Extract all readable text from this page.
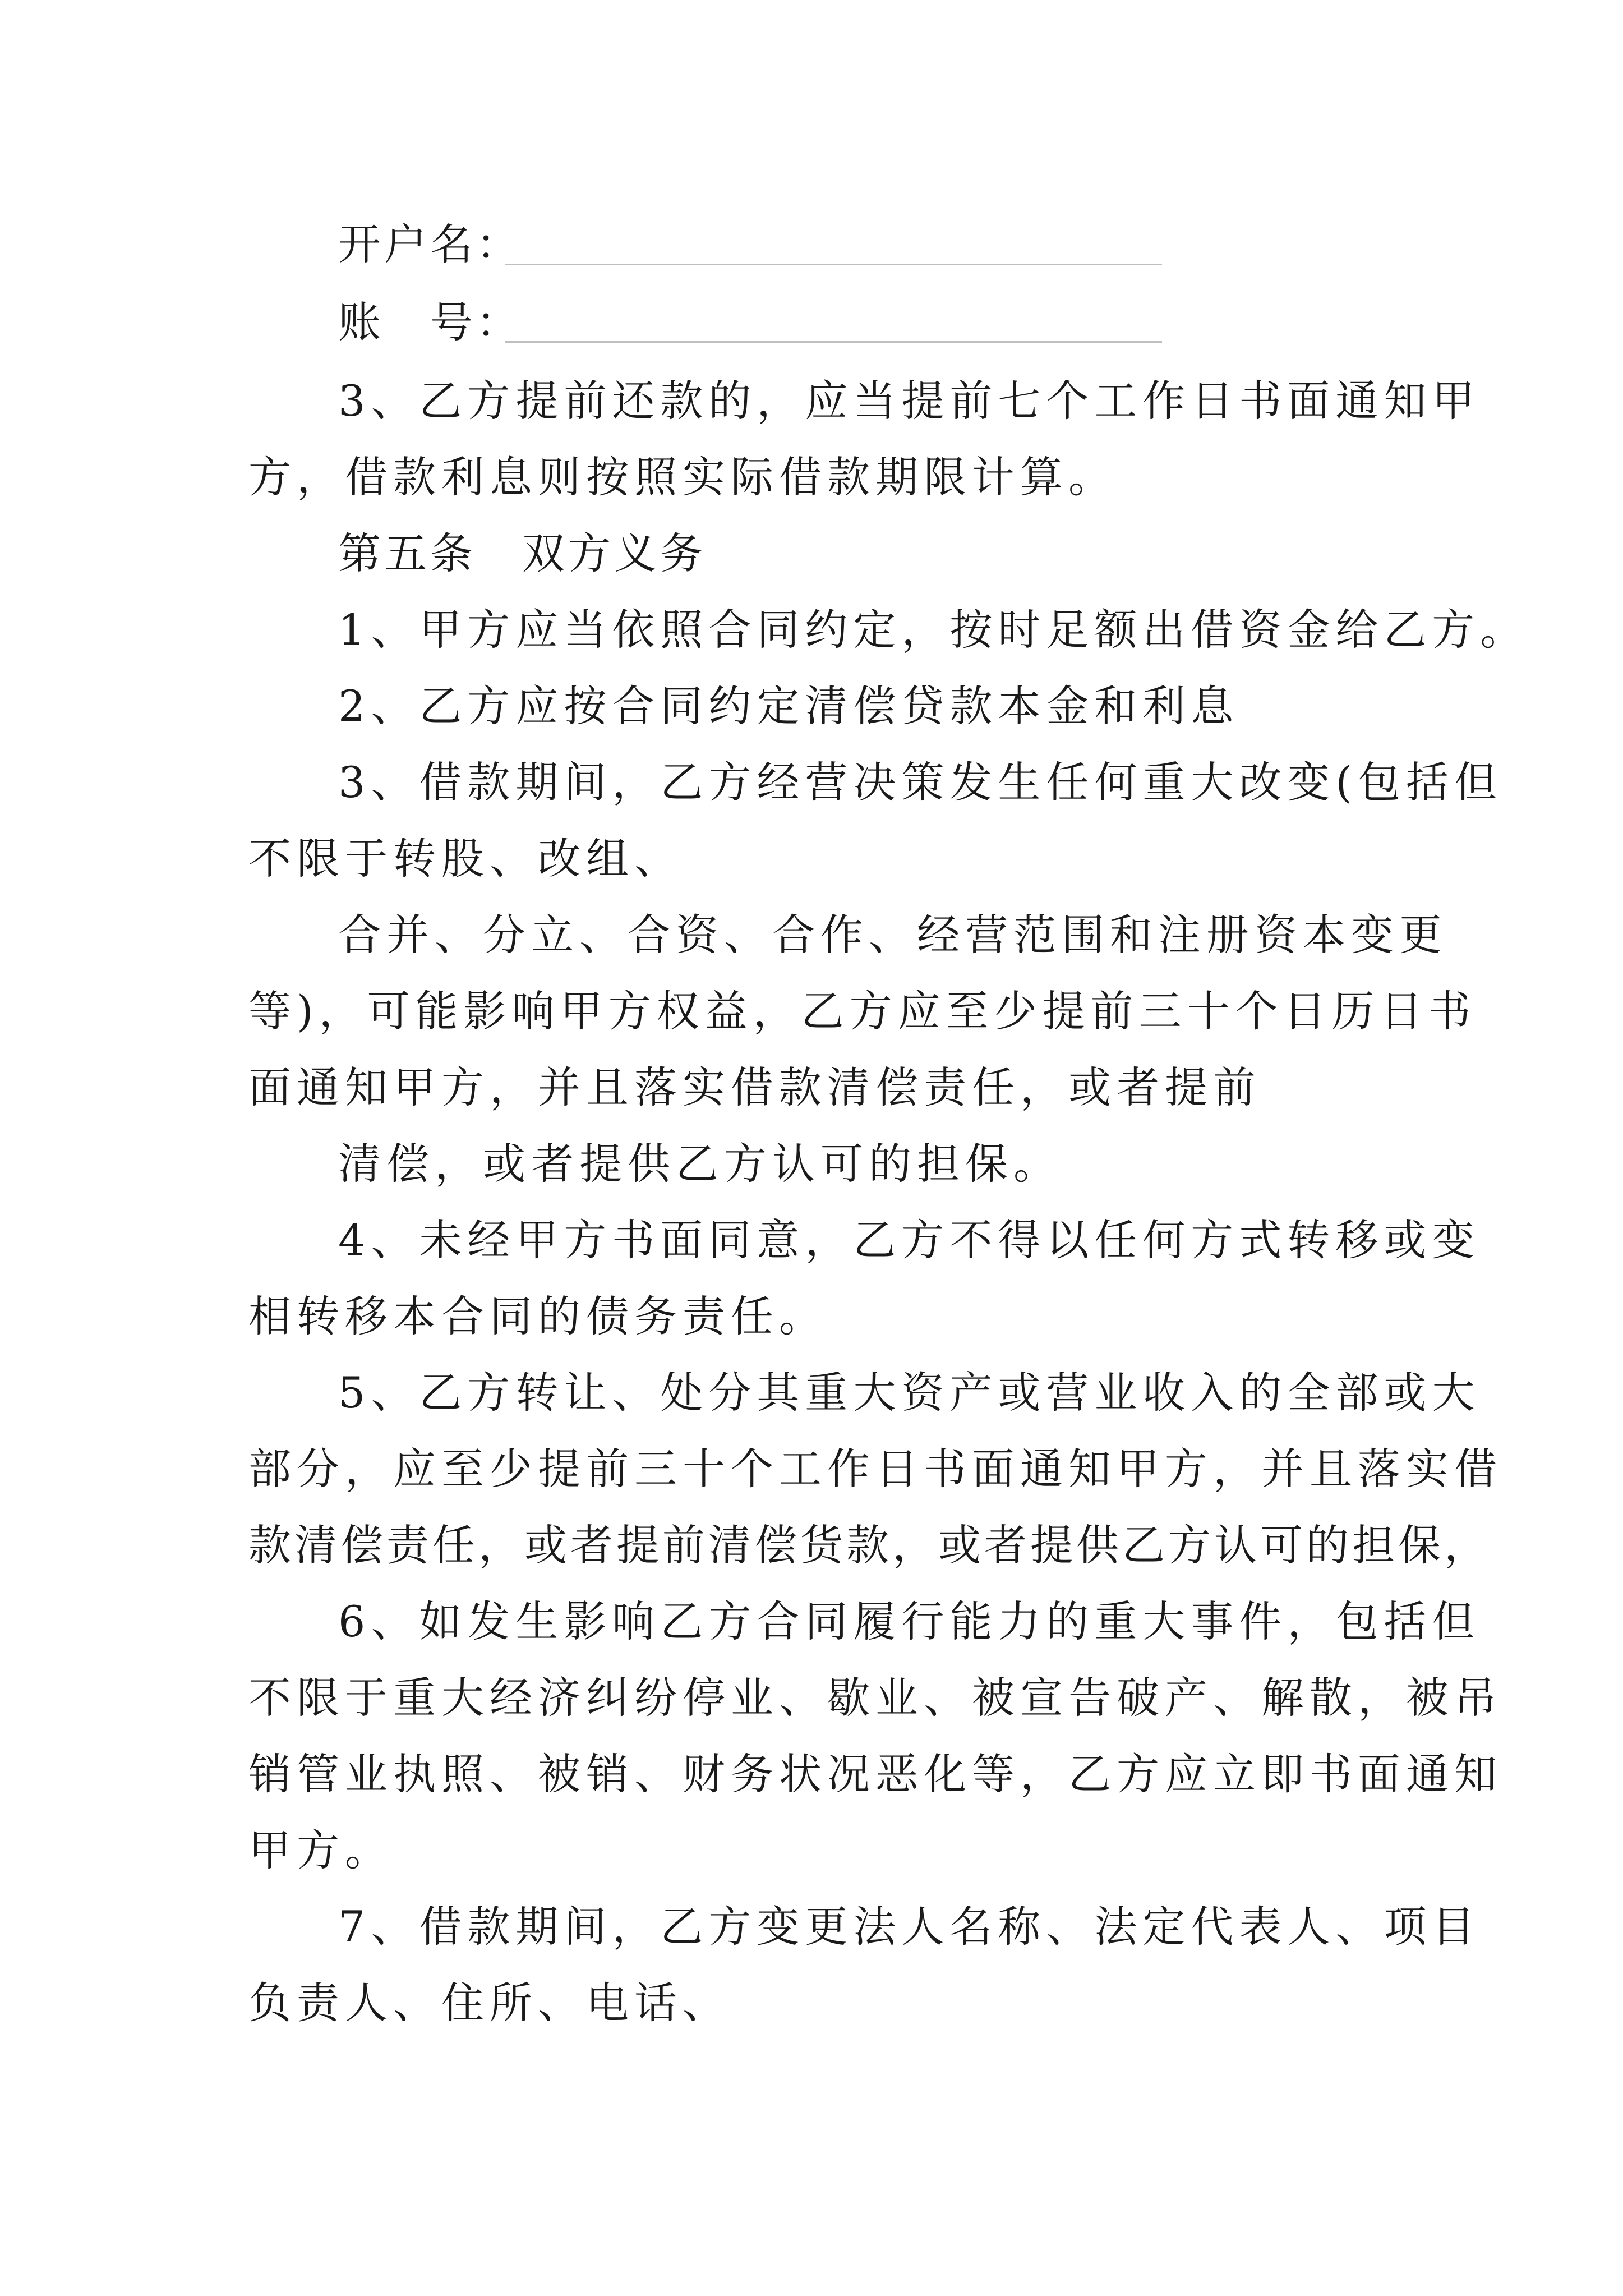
开户名：
账　号：
3、乙方提前还款的，应当提前七个工作日书面通知甲
方，借款利息则按照实际借款期限计算。
第五条　双方义务
1、甲方应当依照合同约定，按时足额出借资金给乙方。
2、乙方应按合同约定清偿贷款本金和利息
3、借款期间，乙方经营决策发生任何重大改变(包括但
不限于转股、改组、
合并、分立、合资、合作、经营范围和注册资本变更
等)，可能影响甲方权益，乙方应至少提前三十个日历日书
面通知甲方，并且落实借款清偿责任，或者提前
清偿，或者提供乙方认可的担保。
4、未经甲方书面同意，乙方不得以任何方式转移或变
相转移本合同的债务责任。
5、乙方转让、处分其重大资产或营业收入的全部或大
部分，应至少提前三十个工作日书面通知甲方，并且落实借
款清偿责任，或者提前清偿货款，或者提供乙方认可的担保，
6、如发生影响乙方合同履行能力的重大事件，包括但
不限于重大经济纠纷停业、歇业、被宣告破产、解散，被吊
销管业执照、被销、财务状况恶化等，乙方应立即书面通知
甲方。
7、借款期间，乙方变更法人名称、法定代表人、项目
负责人、住所、电话、
